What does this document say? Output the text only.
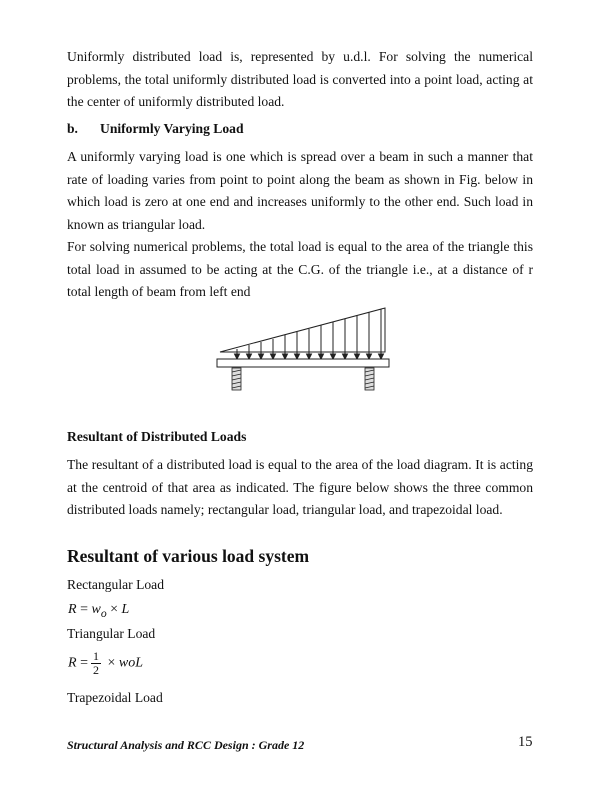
Uniformly distributed load is, represented by u.d.l. For solving the numerical problems, the total uniformly distributed load is converted into a point load, acting at the center of uniformly distributed load.

b. Uniformly Varying Load

A uniformly varying load is one which is spread over a beam in such a manner that rate of loading varies from point to point along the beam as shown in Fig. below in which load is zero at one end and increases uniformly to the other end. Such load in known as triangular load.

For solving numerical problems, the total load is equal to the area of the triangle this total load in assumed to be acting at the C.G. of the triangle i.e., at a distance of r total length of beam from left end

Resultant of Distributed Loads

The resultant of a distributed load is equal to the area of the load diagram. It is acting at the centroid of that area as indicated. The figure below shows the three common distributed loads namely; rectangular load, triangular load, and trapezoidal load.

Resultant of various load system
Rectangular Load
$R = w_o \times L$
Triangular Load
$R = \frac{1}{2}$ × woL
Trapezoidal Load
Structural Analysis and RCC Design : Grade 12	15
